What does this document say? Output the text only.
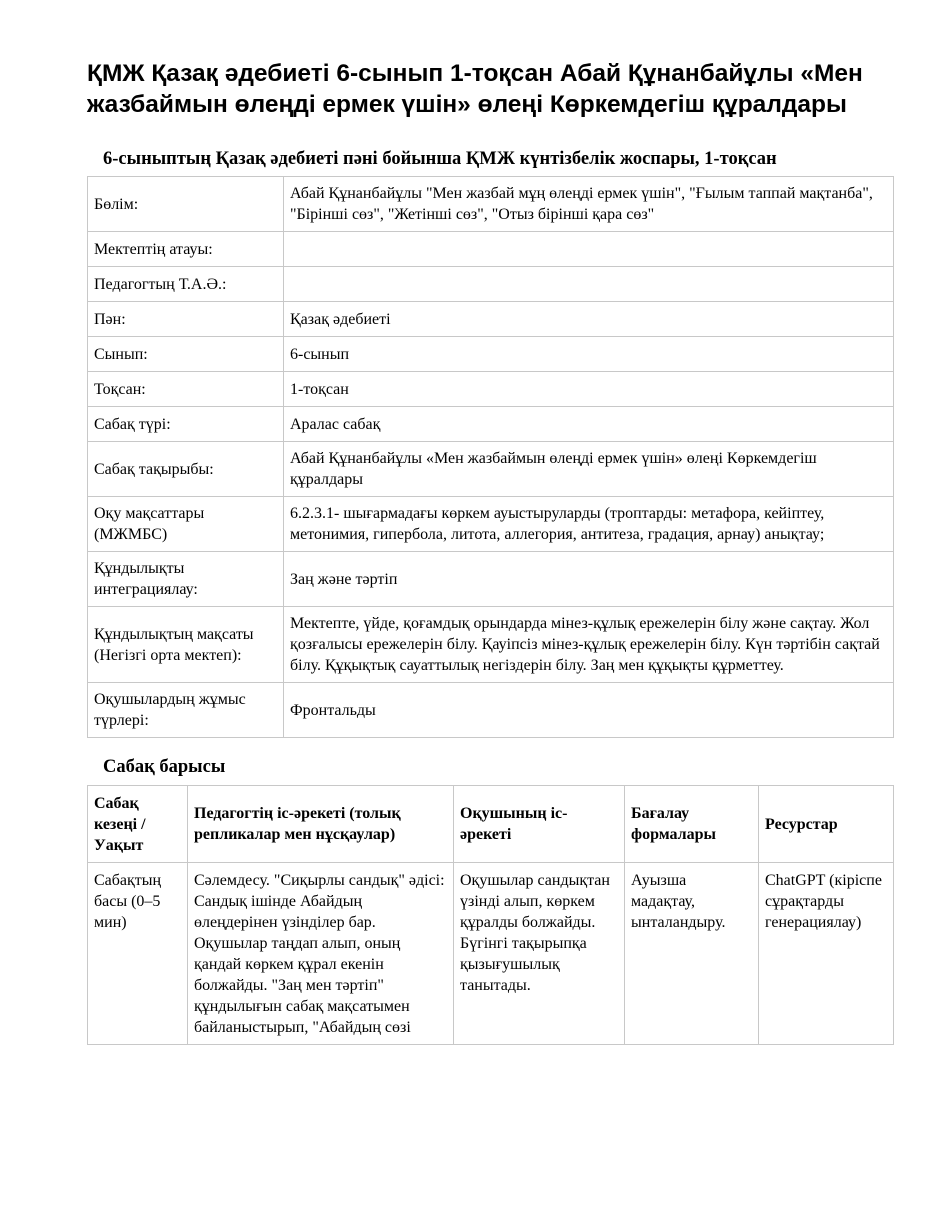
ҚМЖ Қазақ әдебиеті 6-сынып 1-тоқсан Абай Құнанбайұлы «Мен жазбаймын өлеңді ермек үшін» өлеңі Көркемдегіш құралдары
6-сыныптың Қазақ әдебиеті пәні бойынша ҚМЖ күнтізбелік жоспары, 1-тоқсан
Бөлім:	Абай Құнанбайұлы "Мен жазбай мұң өлеңді ермек үшін", "Ғылым таппай мақтанба", "Бірінші сөз", "Жетінші сөз", "Отыз бірінші қара сөз"
Мектептің атауы:	
Педагогтың Т.А.Ә.:	
Пән:	Қазақ әдебиеті
Сынып:	6-сынып
Тоқсан:	1-тоқсан
Сабақ түрі:	Аралас сабақ
Сабақ тақырыбы:	Абай Құнанбайұлы «Мен жазбаймын өлеңді ермек үшін» өлеңі Көркемдегіш құралдары
Оқу мақсаттары (МЖМБС)	6.2.3.1- шығармадағы көркем ауыстыруларды (троптарды: метафора, кейіптеу, метонимия, гипербола, литота, аллегория, антитеза, градация, арнау) анықтау;
Құндылықты интеграциялау:	Заң және тәртіп
Құндылықтың мақсаты (Негізгі орта мектеп):	Мектепте, үйде, қоғамдық орындарда мінез-құлық ережелерін білу және сақтау. Жол қозғалысы ережелерін білу. Қауіпсіз мінез-құлық ережелерін білу. Күн тәртібін сақтай білу. Құқықтық сауаттылық негіздерін білу. Заң мен құқықты құрметтеу.
Оқушылардың жұмыс түрлері:	Фронтальды
Сабақ барысы
Сабақ кезеңі / Уақыт	Педагогтің іс-әрекеті (толық репликалар мен нұсқаулар)	Оқушының іс-әрекеті	Бағалау формалары	Ресурстар
Сабақтың басы (0–5 мин)	Сәлемдесу. "Сиқырлы сандық" әдісі: Сандық ішінде Абайдың өлеңдерінен үзінділер бар. Оқушылар таңдап алып, оның қандай көркем құрал екенін болжайды. "Заң мен тәртіп" құндылығын сабақ мақсатымен байланыстырып, "Абайдың сөзі	Оқушылар сандықтан үзінді алып, көркем құралды болжайды. Бүгінгі тақырыпқа қызығушылық танытады.	Ауызша мадақтау, ынталандыру.	ChatGPT (кіріспе сұрақтарды генерациялау)
